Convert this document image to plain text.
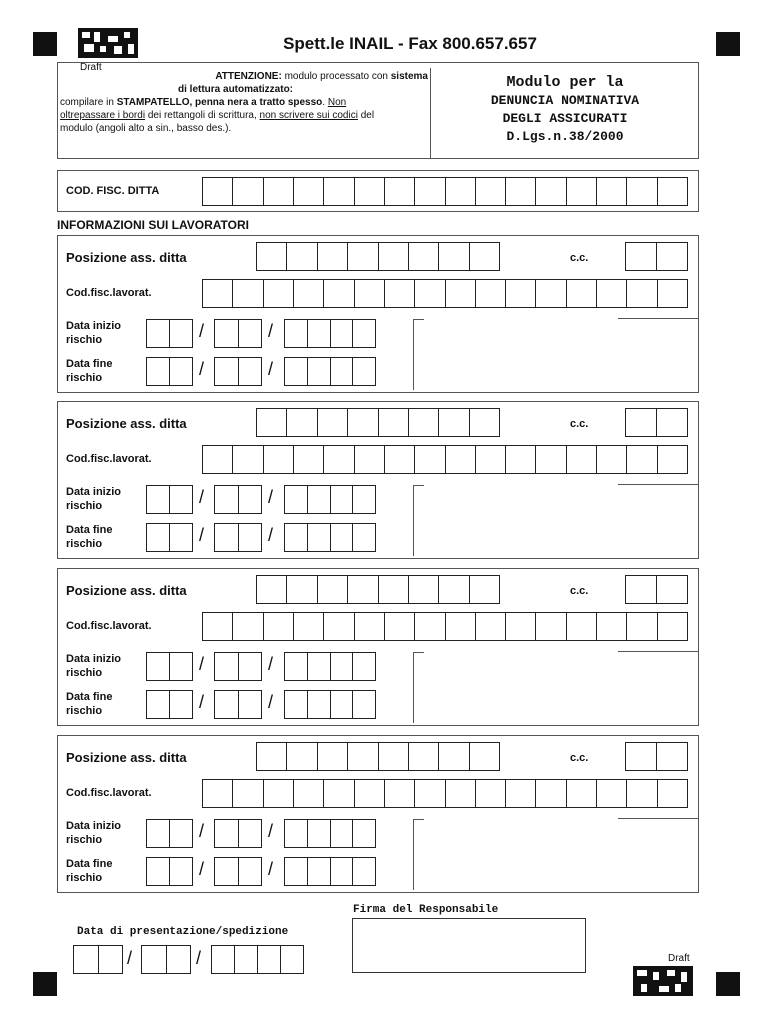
Draft
Spett.le INAIL - Fax 800.657.657
ATTENZIONE: modulo processato con sistema
di lettura automatizzato:
compilare in STAMPATELLO, penna nera a tratto spesso. Non
oltrepassare i bordi dei rettangoli di scrittura, non scrivere sui codici del
modulo (angoli alto a sin., basso des.).
Modulo per la
DENUNCIA NOMINATIVA
DEGLI ASSICURATI
D.Lgs.n.38/2000
COD. FISC. DITTA
INFORMAZIONI SUI LAVORATORI
Posizione ass. ditta	c.c.
Cod.fisc.lavorat.
Data inizio
rischio	/	/
Data fine
rischio	/	/
Posizione ass. ditta	c.c.
Cod.fisc.lavorat.
Data inizio
rischio	/	/
Data fine
rischio	/	/
Posizione ass. ditta	c.c.
Cod.fisc.lavorat.
Data inizio
rischio	/	/
Data fine
rischio	/	/
Posizione ass. ditta	c.c.
Cod.fisc.lavorat.
Data inizio
rischio	/	/
Data fine
rischio	/	/
Firma del Responsabile
Data di presentazione/spedizione
/	/	Draft
